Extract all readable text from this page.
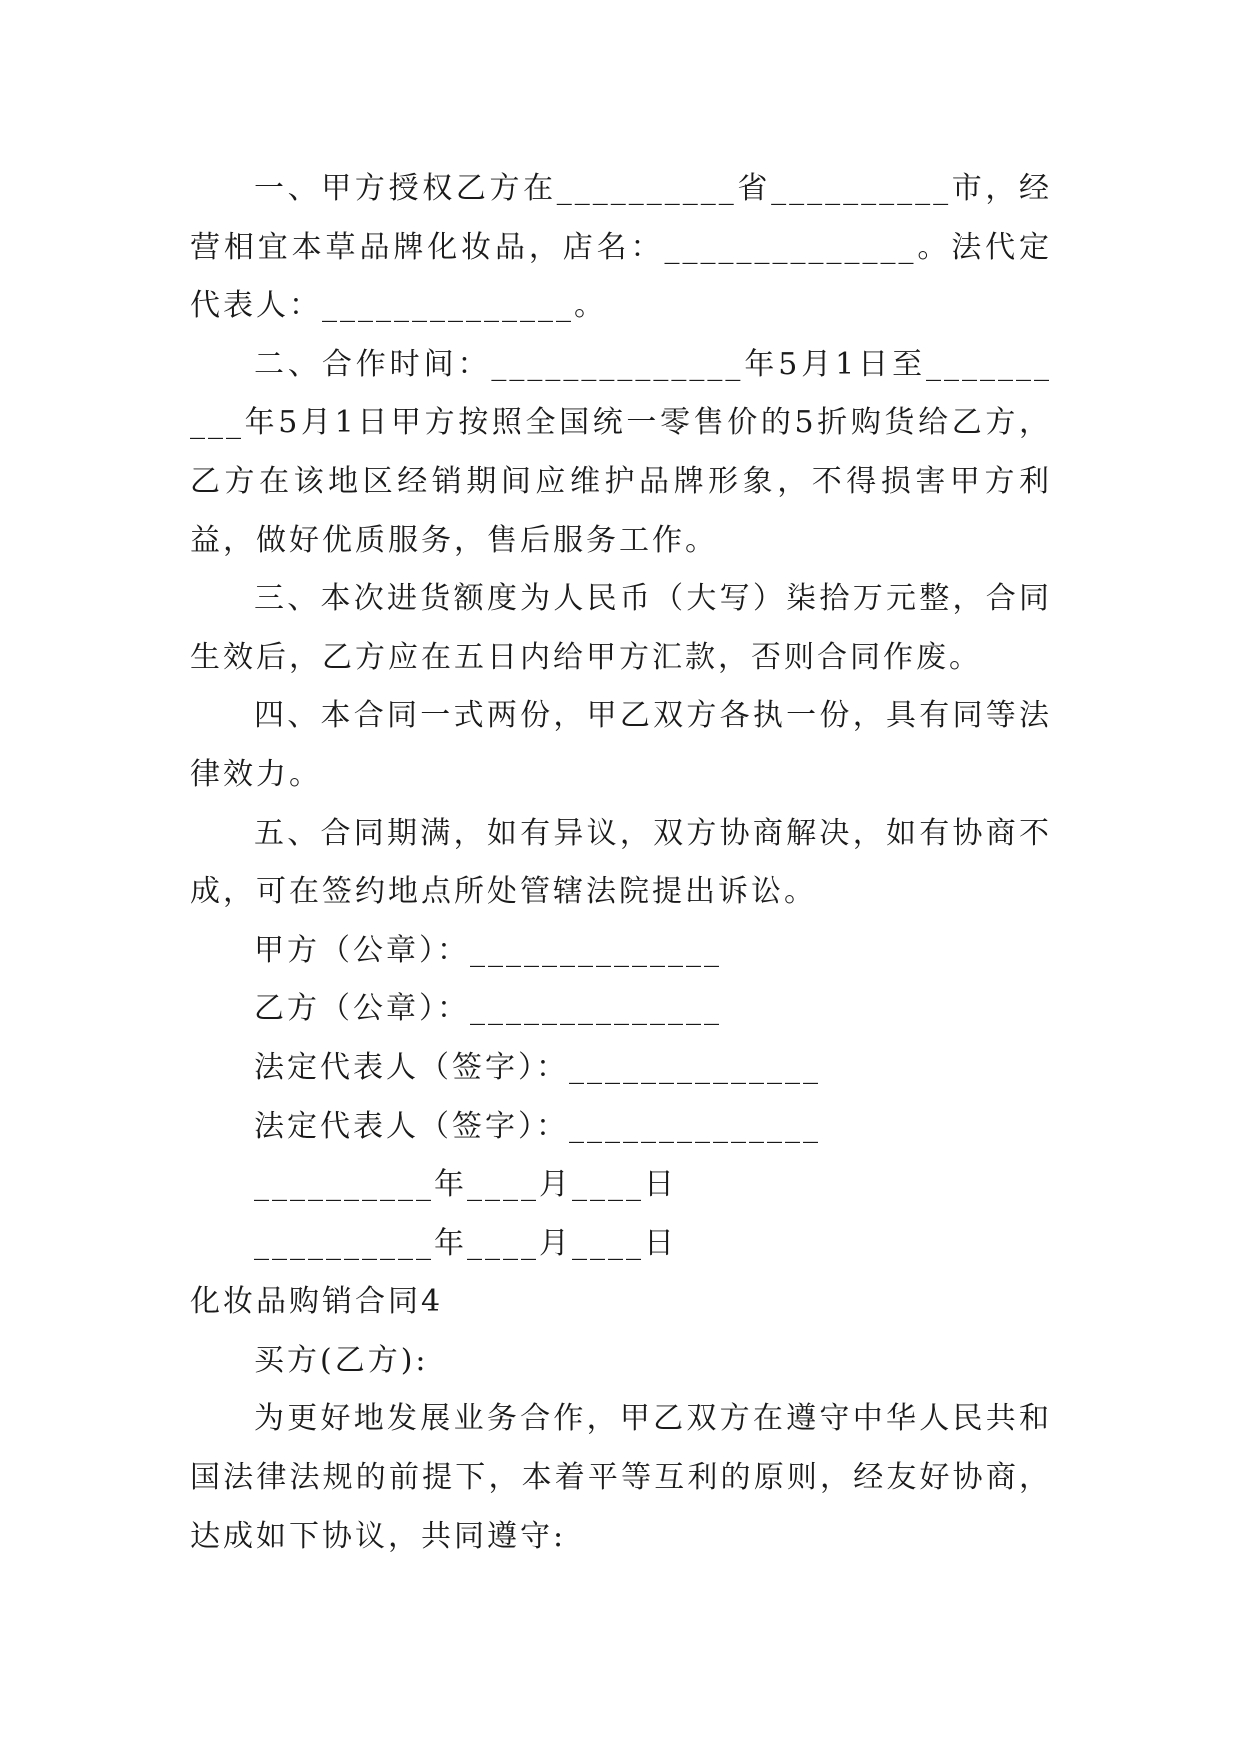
一、甲方授权乙方在__________省__________市，经营相宜本草品牌化妆品，店名：______________。法代定代表人：______________。

二、合作时间：______________年5月1日至__________年5月1日甲方按照全国统一零售价的5折购货给乙方，乙方在该地区经销期间应维护品牌形象，不得损害甲方利益，做好优质服务，售后服务工作。

三、本次进货额度为人民币（大写）柒拾万元整，合同生效后，乙方应在五日内给甲方汇款，否则合同作废。

四、本合同一式两份，甲乙双方各执一份，具有同等法律效力。

五、合同期满，如有异议，双方协商解决，如有协商不成，可在签约地点所处管辖法院提出诉讼。

甲方（公章）：______________

乙方（公章）：______________

法定代表人（签字）：______________

法定代表人（签字）：______________

__________年____月____日

__________年____月____日

化妆品购销合同4

买方(乙方):

为更好地发展业务合作，甲乙双方在遵守中华人民共和国法律法规的前提下，本着平等互利的原则，经友好协商，达成如下协议，共同遵守:
